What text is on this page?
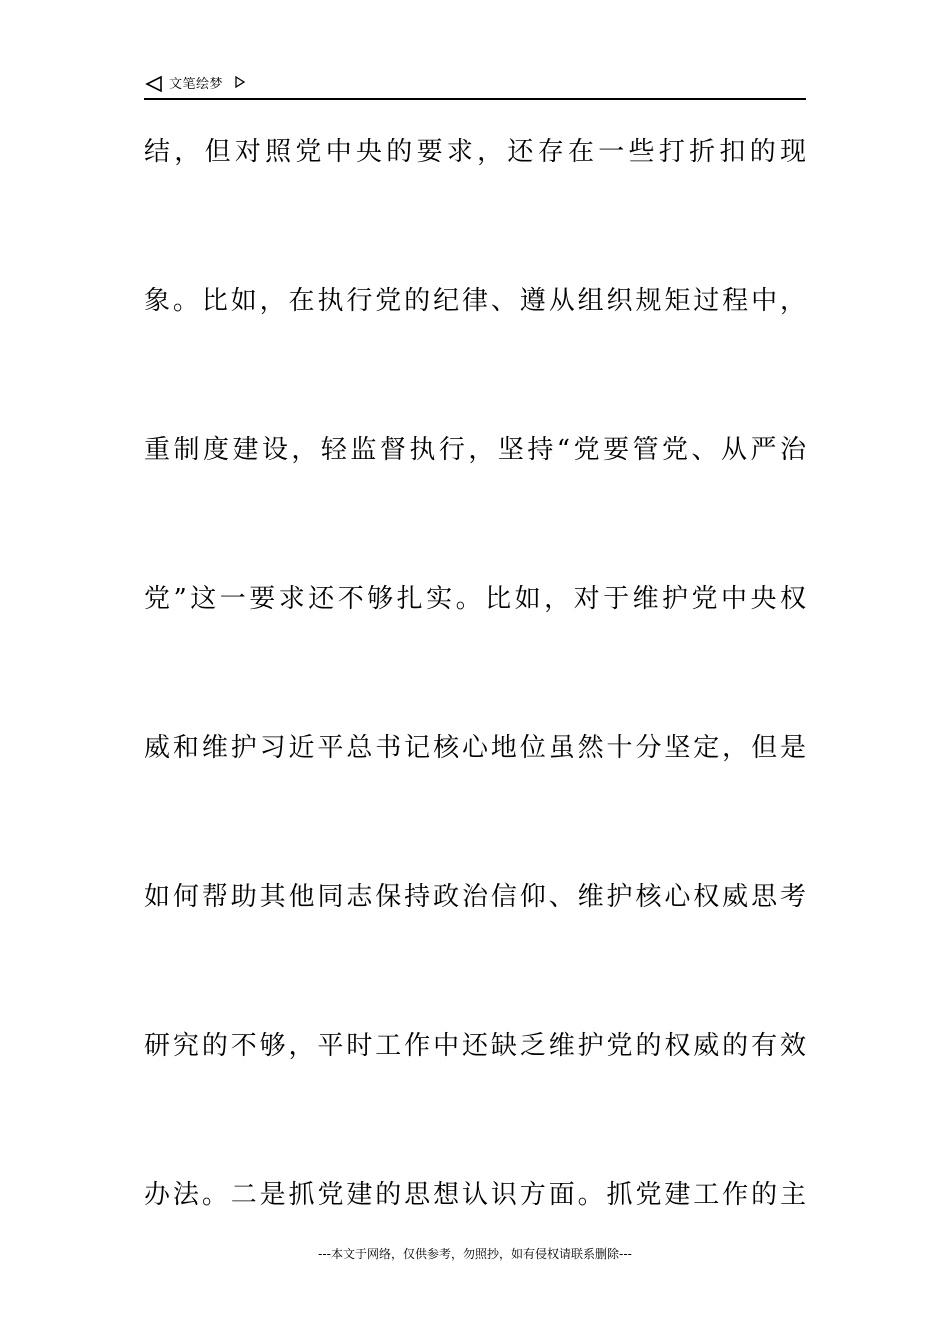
文笔绘梦
结，但对照党中央的要求，还存在一些打折扣的现
象。比如，在执行党的纪律、遵从组织规矩过程中，
重制度建设，轻监督执行，坚持“党要管党、从严治
党”这一要求还不够扎实。比如，对于维护党中央权
威和维护习近平总书记核心地位虽然十分坚定，但是
如何帮助其他同志保持政治信仰、维护核心权威思考
研究的不够，平时工作中还缺乏维护党的权威的有效
办法。二是抓党建的思想认识方面。抓党建工作的主
---本文于网络，仅供参考，勿照抄，如有侵权请联系删除---
